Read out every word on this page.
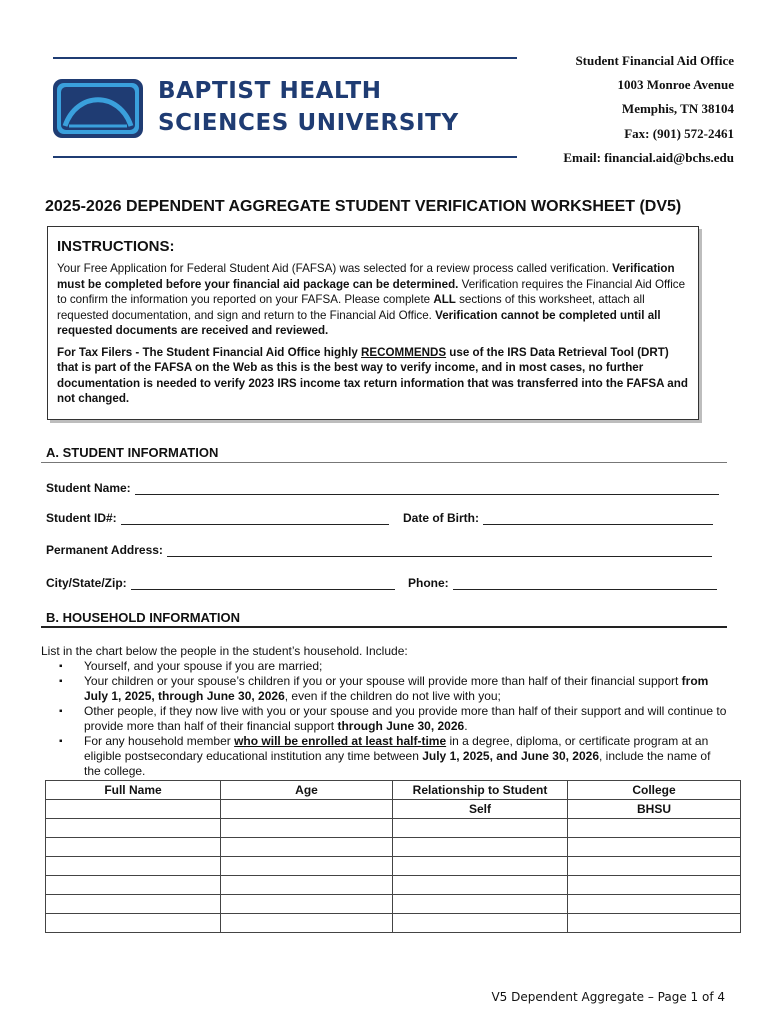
BAPTIST HEALTH
SCIENCES UNIVERSITY
Student Financial Aid Office
1003 Monroe Avenue
Memphis, TN 38104
Fax: (901) 572-2461
Email: financial.aid@bchs.edu
2025-2026 DEPENDENT AGGREGATE STUDENT VERIFICATION WORKSHEET (DV5)
INSTRUCTIONS:

Your Free Application for Federal Student Aid (FAFSA) was selected for a review process called verification. Verification must be completed before your financial aid package can be determined. Verification requires the Financial Aid Office to confirm the information you reported on your FAFSA. Please complete ALL sections of this worksheet, attach all requested documentation, and sign and return to the Financial Aid Office. Verification cannot be completed until all requested documents are received and reviewed.

For Tax Filers - The Student Financial Aid Office highly RECOMMENDS use of the IRS Data Retrieval Tool (DRT) that is part of the FAFSA on the Web as this is the best way to verify income, and in most cases, no further documentation is needed to verify 2023 IRS income tax return information that was transferred into the FAFSA and not changed.

A. STUDENT INFORMATION
Student Name:
Student ID#:	Date of Birth:
Permanent Address:
City/State/Zip:	Phone:
B. HOUSEHOLD INFORMATION
List in the chart below the people in the student’s household. Include:
▪ Yourself, and your spouse if you are married;
▪ Your children or your spouse’s children if you or your spouse will provide more than half of their financial support from July 1, 2025, through June 30, 2026, even if the children do not live with you;
▪ Other people, if they now live with you or your spouse and you provide more than half of their support and will continue to provide more than half of their financial support through June 30, 2026.
▪ For any household member who will be enrolled at least half-time in a degree, diploma, or certificate program at an eligible postsecondary educational institution any time between July 1, 2025, and June 30, 2026, include the name of the college.
Full Name	Age	Relationship to Student	College
		Self	BHSU

V5 Dependent Aggregate – Page 1 of 4
